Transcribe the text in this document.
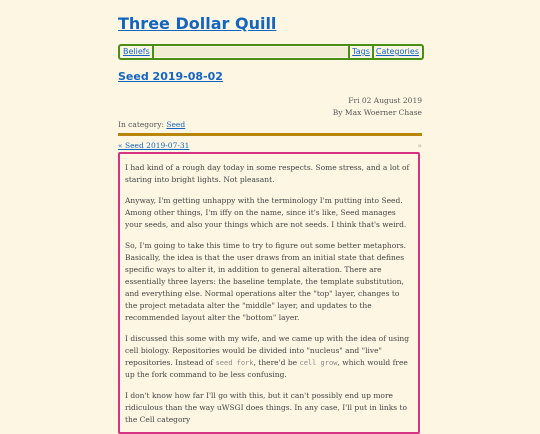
Three Dollar Quill
Beliefs	Tags Categories
Seed 2019-08-02
Fri 02 August 2019
By Max Woerner Chase
In category: Seed
« Seed 2019-07-31	»

I had kind of a rough day today in some respects. Some stress, and a lot of staring into bright lights. Not pleasant.

Anyway, I'm getting unhappy with the terminology I'm putting into Seed. Among other things, I'm iffy on the name, since it's like, Seed manages your seeds, and also your things which are not seeds. I think that's weird.

So, I'm going to take this time to try to figure out some better metaphors. Basically, the idea is that the user draws from an initial state that defines specific ways to alter it, in addition to general alteration. There are essentially three layers: the baseline template, the template substitution, and everything else. Normal operations alter the "top" layer, changes to the project metadata alter the "middle" layer, and updates to the recommended layout alter the "bottom" layer.

I discussed this some with my wife, and we came up with the idea of using cell biology. Repositories would be divided into "nucleus" and "live" repositories. Instead of seed fork, there'd be cell grow, which would free up the fork command to be less confusing.

I don't know how far I'll go with this, but it can't possibly end up more ridiculous than the way uWSGI does things. In any case, I'll put in links to the Cell category
